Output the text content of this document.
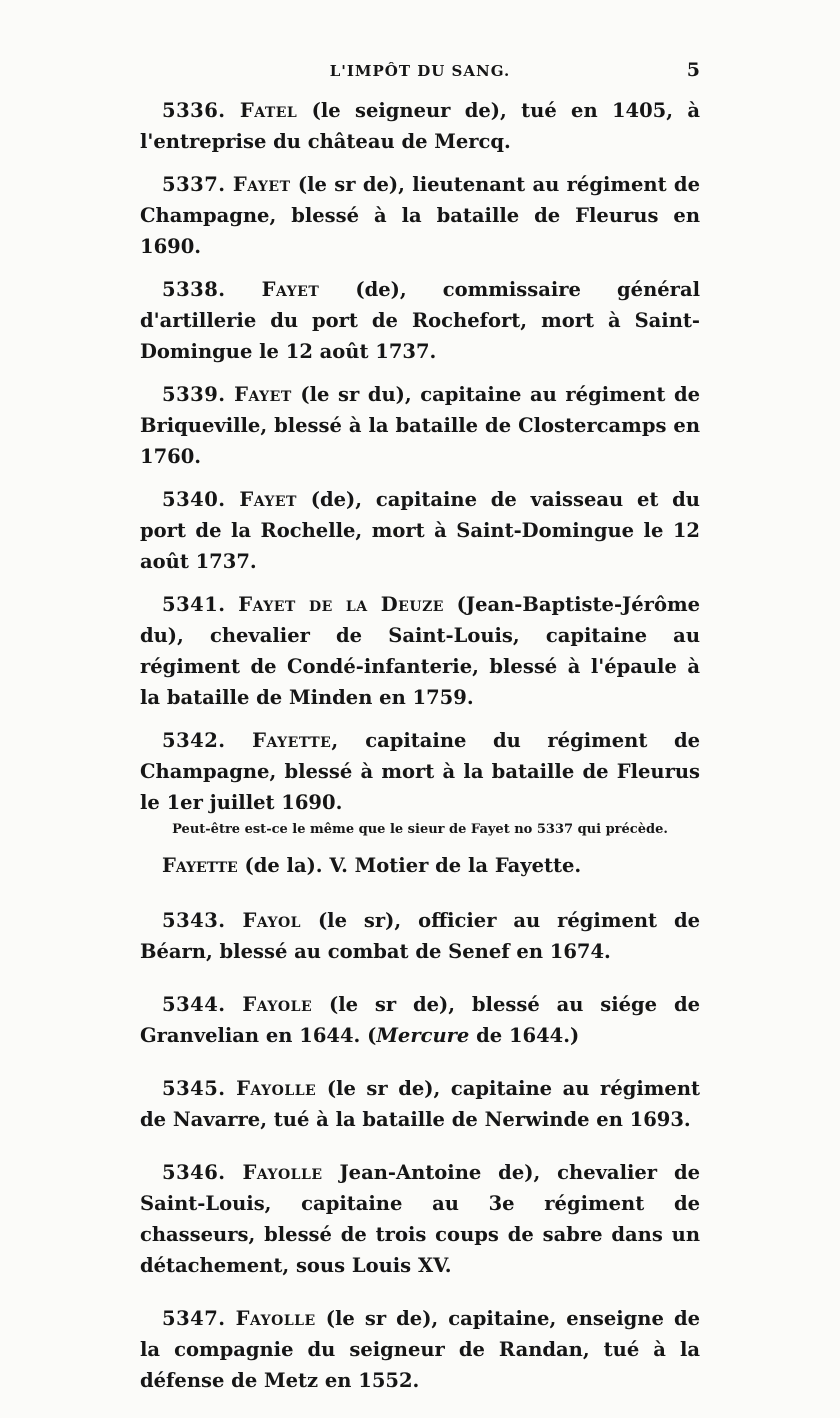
L'IMPÔT DU SANG.	5

5336. Fatel (le seigneur de), tué en 1405, à l'entreprise du château de Mercq.

5337. Fayet (le sr de), lieutenant au régiment de Champagne, blessé à la bataille de Fleurus en 1690.

5338. Fayet (de), commissaire général d'artillerie du port de Rochefort, mort à Saint-Domingue le 12 août 1737.

5339. Fayet (le sr du), capitaine au régiment de Briqueville, blessé à la bataille de Clostercamps en 1760.

5340. Fayet (de), capitaine de vaisseau et du port de la Rochelle, mort à Saint-Domingue le 12 août 1737.

5341. Fayet de la Deuze (Jean-Baptiste-Jérôme du), chevalier de Saint-Louis, capitaine au régiment de Condé-infanterie, blessé à l'épaule à la bataille de Minden en 1759.

5342. Fayette, capitaine du régiment de Champagne, blessé à mort à la bataille de Fleurus le 1er juillet 1690.

Peut-être est-ce le même que le sieur de Fayet no 5337 qui précède.

Fayette (de la). V. Motier de la Fayette.

5343. Fayol (le sr), officier au régiment de Béarn, blessé au combat de Senef en 1674.

5344. Fayole (le sr de), blessé au siége de Granvelian en 1644. (Mercure de 1644.)

5345. Fayolle (le sr de), capitaine au régiment de Navarre, tué à la bataille de Nerwinde en 1693.

5346. Fayolle Jean-Antoine de), chevalier de Saint-Louis, capitaine au 3e régiment de chasseurs, blessé de trois coups de sabre dans un détachement, sous Louis XV.

5347. Fayolle (le sr de), capitaine, enseigne de la compagnie du seigneur de Randan, tué à la défense de Metz en 1552.
